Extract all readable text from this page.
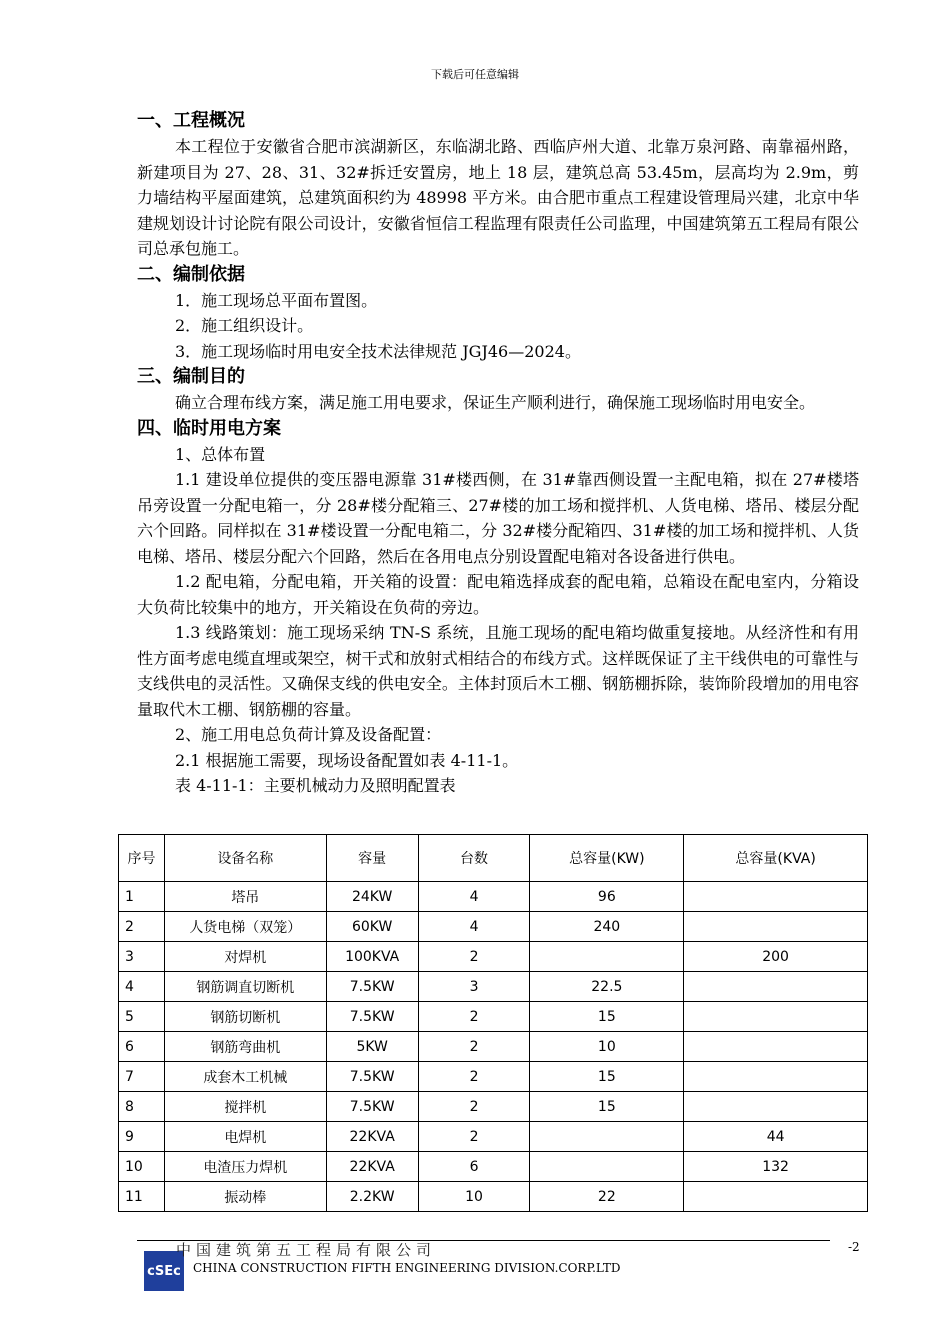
下载后可任意编辑

一、工程概况

本工程位于安徽省合肥市滨湖新区，东临湖北路、西临庐州大道、北靠万泉河路、南靠福州路，新建项目为 27、28、31、32#拆迁安置房，地上 18 层，建筑总高 53.45m，层高均为 2.9m，剪力墙结构平屋面建筑，总建筑面积约为 48998 平方米。由合肥市重点工程建设管理局兴建，北京中华建规划设计讨论院有限公司设计，安徽省恒信工程监理有限责任公司监理，中国建筑第五工程局有限公司总承包施工。

二、编制依据

1．施工现场总平面布置图。

2．施工组织设计。

3．施工现场临时用电安全技术法律规范 JGJ46—2024。

三、编制目的

确立合理布线方案，满足施工用电要求，保证生产顺利进行，确保施工现场临时用电安全。

四、临时用电方案

1、总体布置

1.1 建设单位提供的变压器电源靠 31#楼西侧，在 31#靠西侧设置一主配电箱，拟在 27#楼塔吊旁设置一分配电箱一，分 28#楼分配箱三、27#楼的加工场和搅拌机、人货电梯、塔吊、楼层分配六个回路。同样拟在 31#楼设置一分配电箱二，分 32#楼分配箱四、31#楼的加工场和搅拌机、人货电梯、塔吊、楼层分配六个回路，然后在各用电点分别设置配电箱对各设备进行供电。

1.2 配电箱，分配电箱，开关箱的设置：配电箱选择成套的配电箱，总箱设在配电室内，分箱设大负荷比较集中的地方，开关箱设在负荷的旁边。

1.3 线路策划：施工现场采纳 TN-S 系统，且施工现场的配电箱均做重复接地。从经济性和有用性方面考虑电缆直埋或架空，树干式和放射式相结合的布线方式。这样既保证了主干线供电的可靠性与支线供电的灵活性。又确保支线的供电安全。主体封顶后木工棚、钢筋棚拆除，装饰阶段增加的用电容量取代木工棚、钢筋棚的容量。

2、施工用电总负荷计算及设备配置：

2.1 根据施工需要，现场设备配置如表 4-11-1。

表 4-11-1：主要机械动力及照明配置表

序号	设备名称	容量	台数	总容量(KW)	总容量(KVA)
1	塔吊	24KW	4	96	
2	人货电梯（双笼）	60KW	4	240	
3	对焊机	100KVA	2		200
4	钢筋调直切断机	7.5KW	3	22.5	
5	钢筋切断机	7.5KW	2	15	
6	钢筋弯曲机	5KW	2	10	
7	成套木工机械	7.5KW	2	15	
8	搅拌机	7.5KW	2	15	
9	电焊机	22KVA	2		44
10	电渣压力焊机	22KVA	6		132
11	振动棒	2.2KW	10	22	
cSEc
中国建筑第五工程局有限公司
CHINA CONSTRUCTION FIFTH ENGINEERING DIVISION.CORP.LTD
-2
